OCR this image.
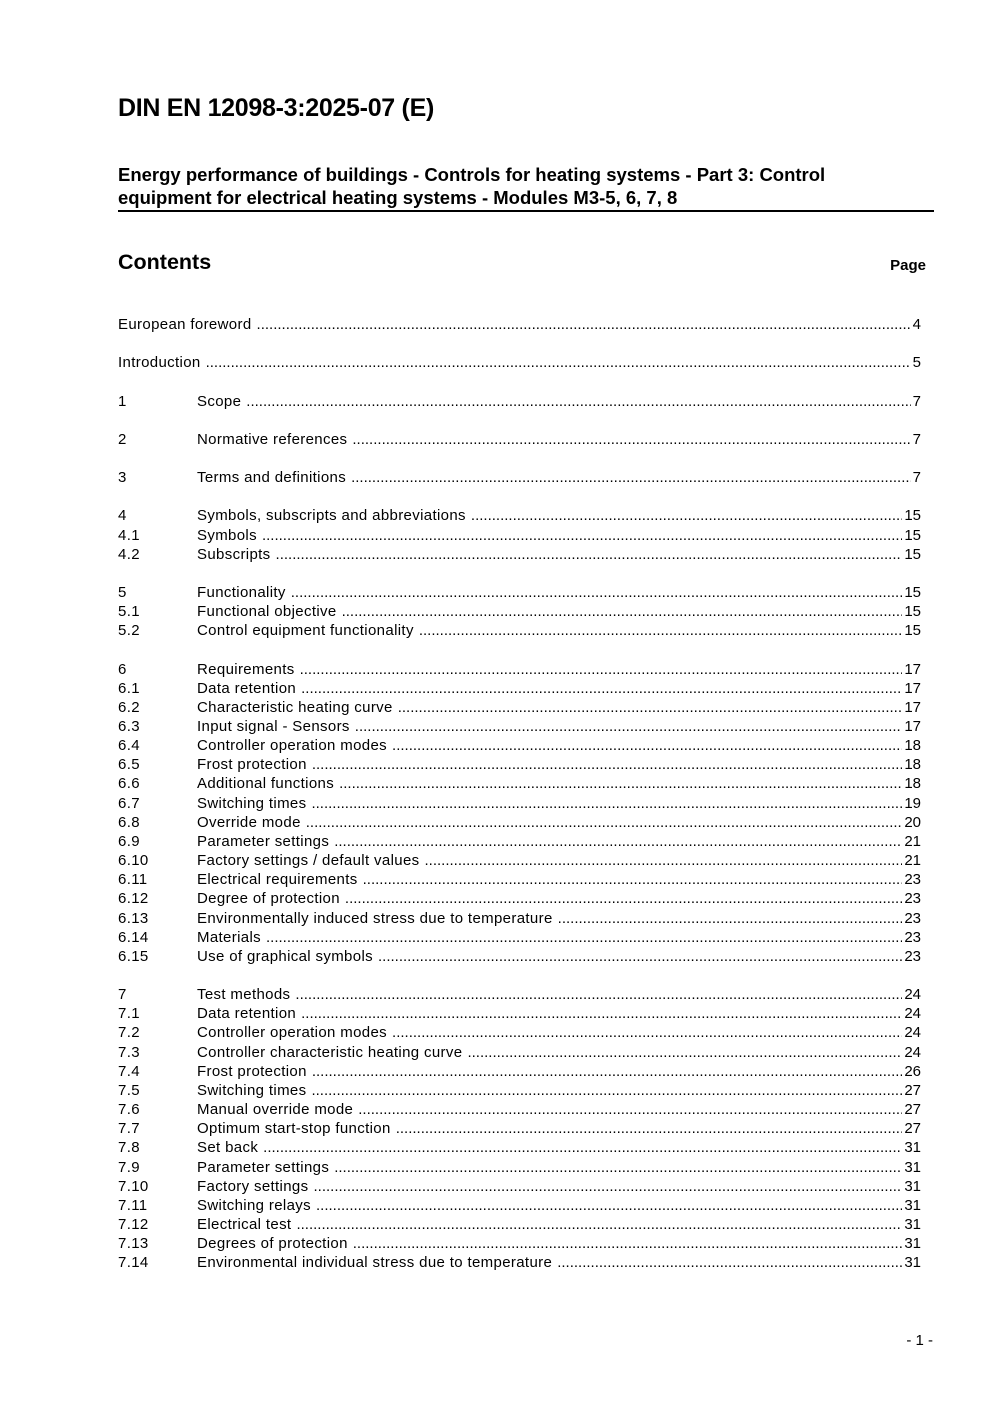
DIN EN 12098-3:2025-07 (E)
Energy performance of buildings - Controls for heating systems - Part 3: Control
equipment for electrical heating systems - Modules M3-5, 6, 7, 8
Contents	Page
European foreword .....	4
Introduction .....	5
1	Scope .....	7
2	Normative references .....	7
3	Terms and definitions .....	7
4	Symbols, subscripts and abbreviations .....	15
4.1	Symbols .....	15
4.2	Subscripts .....	15
5	Functionality .....	15
5.1	Functional objective .....	15
5.2	Control equipment functionality .....	15
6	Requirements .....	17
6.1	Data retention .....	17
6.2	Characteristic heating curve .....	17
6.3	Input signal - Sensors .....	17
6.4	Controller operation modes .....	18
6.5	Frost protection .....	18
6.6	Additional functions .....	18
6.7	Switching times .....	19
6.8	Override mode .....	20
6.9	Parameter settings .....	21
6.10	Factory settings / default values .....	21
6.11	Electrical requirements .....	23
6.12	Degree of protection .....	23
6.13	Environmentally induced stress due to temperature .....	23
6.14	Materials .....	23
6.15	Use of graphical symbols .....	23
7	Test methods .....	24
7.1	Data retention .....	24
7.2	Controller operation modes .....	24
7.3	Controller characteristic heating curve .....	24
7.4	Frost protection .....	26
7.5	Switching times .....	27
7.6	Manual override mode .....	27
7.7	Optimum start-stop function .....	27
7.8	Set back .....	31
7.9	Parameter settings .....	31
7.10	Factory settings .....	31
7.11	Switching relays .....	31
7.12	Electrical test .....	31
7.13	Degrees of protection .....	31
7.14	Environmental individual stress due to temperature .....	31
- 1 -
